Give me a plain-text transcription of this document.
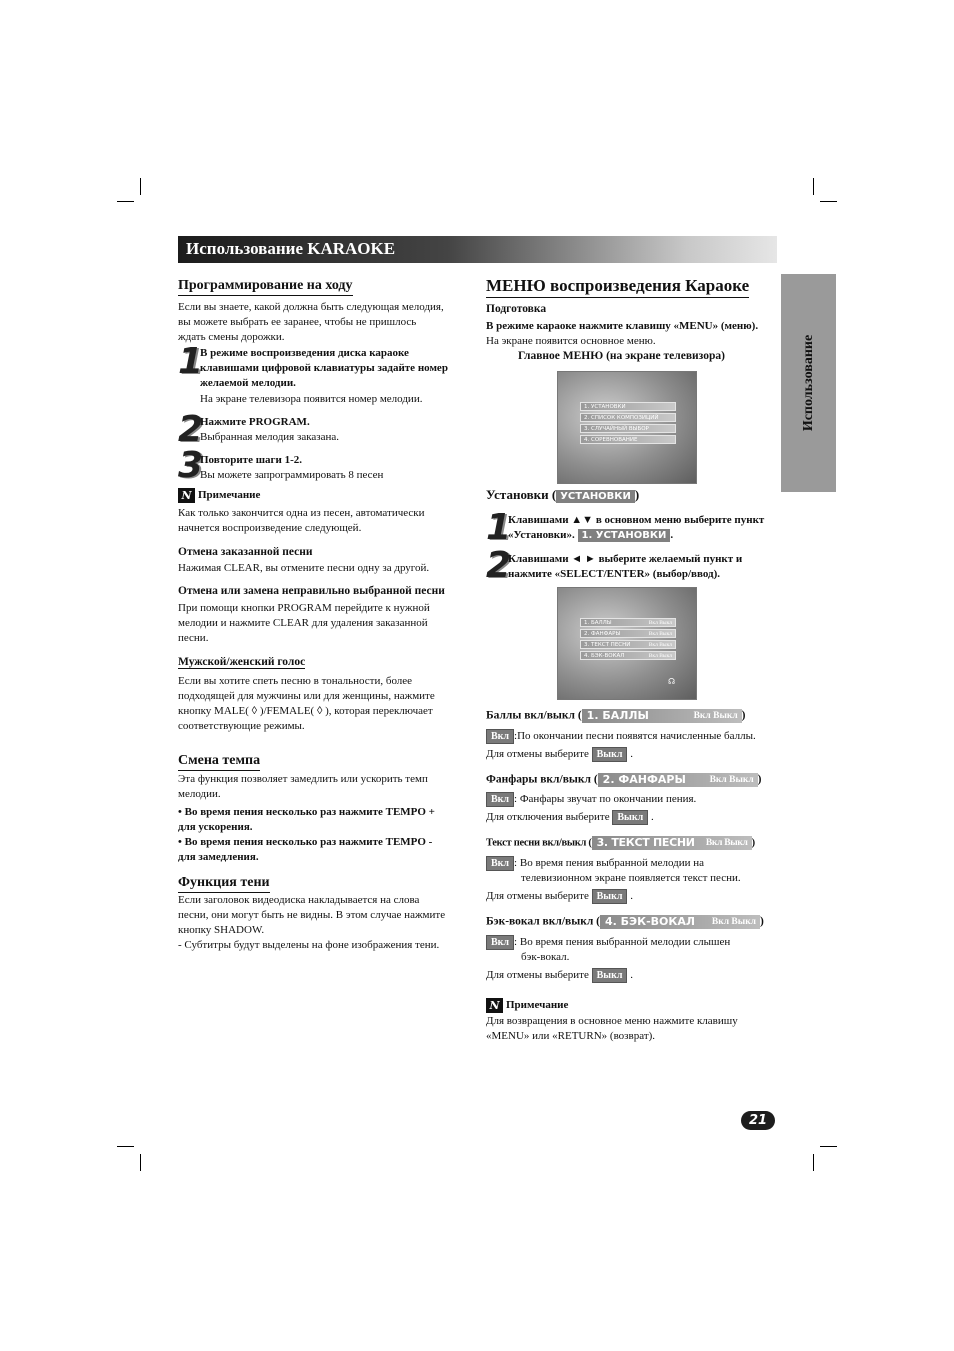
Использование KARAOKE
Использование
Программирование на ходу
Если вы знаете, какой должна быть следующая мелодия,
вы можете выбрать ее заранее, чтобы не пришлось
ждать смены дорожки.
1
В режиме воспроизведения диска караоке
клавишами цифровой клавиатуры задайте номер
желаемой мелодии.
На экране телевизора появится номер мелодии.
2
Нажмите PROGRAM.
Выбранная мелодия заказана.
3
Повторите шаги 1-2.
Вы можете запрограммировать 8 песен
N Примечание
Как только закончится одна из песен, автоматически
начнется воспроизведение следующей.
Отмена заказанной песни
Нажимая CLEAR, вы отмените песни одну за другой.
Отмена или замена неправильно выбранной песни
При помощи кнопки PROGRAM перейдите к нужной
мелодии и нажмите CLEAR для удаления заказанной
песни.
Мужской/женский голос
Если вы хотите спеть песню в тональности, более
подходящей для мужчины или для женщины, нажмите
кнопку MALE( ◊ )/FEMALE( ◊ ), которая переключает
соответствующие режимы.
Смена темпа
Эта функция позволяет замедлить или ускорить темп
мелодии.
• Во время пения несколько раз нажмите TEMPO +
для ускорения.
• Во время пения несколько раз нажмите TEMPO -
для замедления.
Функция тени
Если заголовок видеодиска накладывается на слова
песни, они могут быть не видны. В этом случае нажмите
кнопку SHADOW.
- Субтитры будут выделены на фоне изображения тени.
МЕНЮ воспроизведения Караоке
Подготовка
В режиме караоке нажмите клавишу «MENU» (меню).
На экране появится основное меню.
Главное МЕНЮ (на экране телевизора)
1. УСТАНОВКИ
2. СПИСОК КОМПОЗИЦИЙ
3. СЛУЧАЙНЫЙ ВЫБОР
4. СОРЕВНОВАНИЕ
Установки ( УСТАНОВКИ )
1
Клавишами ▲▼ в основном меню выберите пункт
«Установки». 1. УСТАНОВКИ .
2
Клавишами ◄ ► выберите желаемый пункт и
нажмите «SELECT/ENTER» (выбор/ввод).
1. БАЛЛЫ	Вкл Выкл
2. ФАНФАРЫ	Вкл Выкл
3. ТЕКСТ ПЕСНИ	Вкл Выкл
4. БЭК-ВОКАЛ	Вкл Выкл
☊
Баллы вкл/выкл ( 1. БАЛЛЫ	Вкл Выкл )
Вкл :По окончании песни появятся начисленные баллы.
Для отмены выберите Выкл .
Фанфары вкл/выкл ( 2. ФАНФАРЫ	Вкл Выкл )
Вкл : Фанфары звучат по окончании пения.
Для отключения выберите Выкл .
Текст песни вкл/выкл ( 3. ТЕКСТ ПЕСНИ Вкл Выкл )
Вкл : Во время пения выбранной мелодии на
телевизионном экране появляется текст песни.
Для отмены выберите Выкл .
Бэк-вокал вкл/выкл ( 4. БЭК-ВОКАЛ Вкл Выкл )
Вкл : Во время пения выбранной мелодии слышен
бэк-вокал.
Для отмены выберите Выкл .
N Примечание
Для возвращения в основное меню нажмите клавишу
«MENU» или «RETURN» (возврат).
21
